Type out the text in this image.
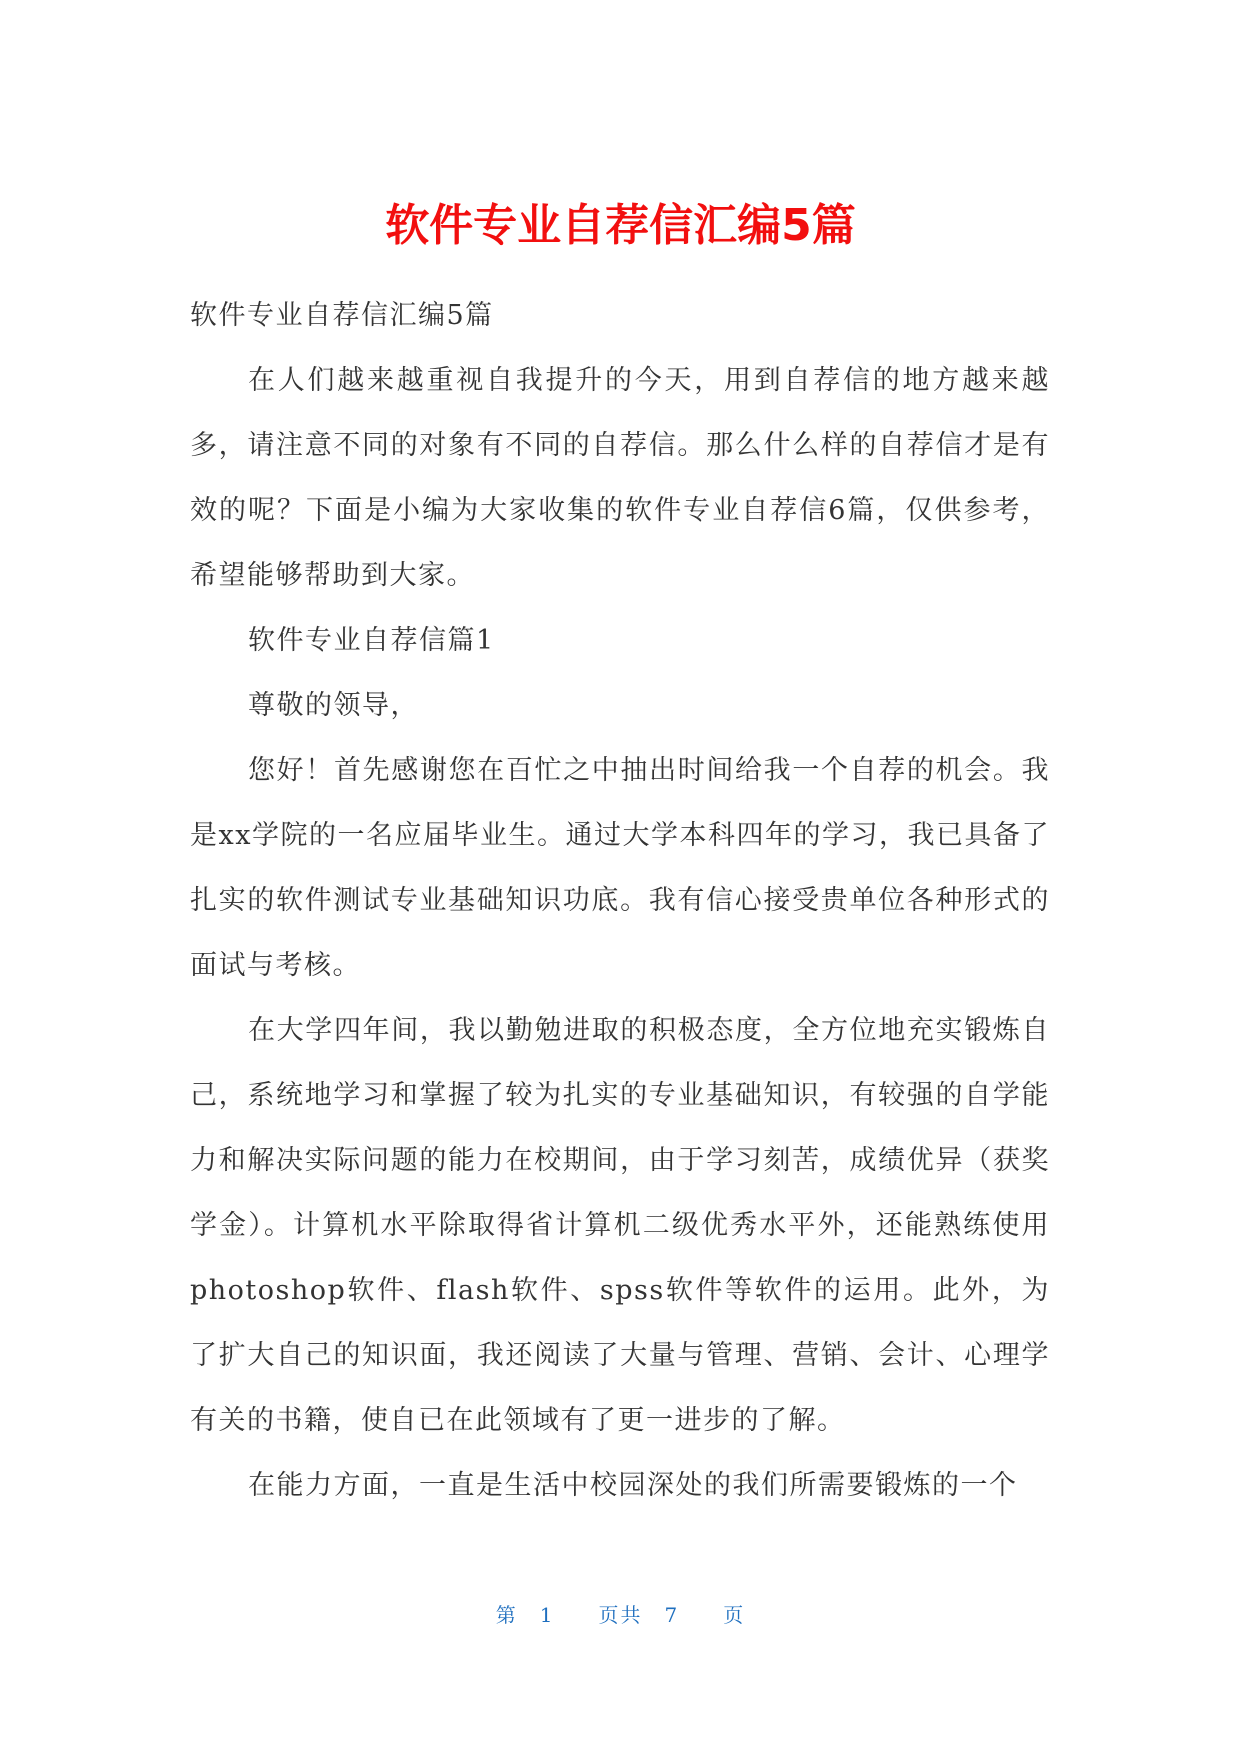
软件专业自荐信汇编5篇

软件专业自荐信汇编5篇

在人们越来越重视自我提升的今天，用到自荐信的地方越来越多，请注意不同的对象有不同的自荐信。那么什么样的自荐信才是有效的呢？下面是小编为大家收集的软件专业自荐信6篇，仅供参考，希望能够帮助到大家。

软件专业自荐信篇1

尊敬的领导，

您好！首先感谢您在百忙之中抽出时间给我一个自荐的机会。我是xx学院的一名应届毕业生。通过大学本科四年的学习，我已具备了扎实的软件测试专业基础知识功底。我有信心接受贵单位各种形式的面试与考核。

在大学四年间，我以勤勉进取的积极态度，全方位地充实锻炼自己，系统地学习和掌握了较为扎实的专业基础知识，有较强的自学能力和解决实际问题的能力在校期间，由于学习刻苦，成绩优异（获奖学金）。计算机水平除取得省计算机二级优秀水平外，还能熟练使用photoshop软件、flash软件、spss软件等软件的运用。此外，为了扩大自己的知识面，我还阅读了大量与管理、营销、会计、心理学有关的书籍，使自已在此领域有了更一进步的了解。

在能力方面，一直是生活中校园深处的我们所需要锻炼的一个

第 1 页共 7 页
